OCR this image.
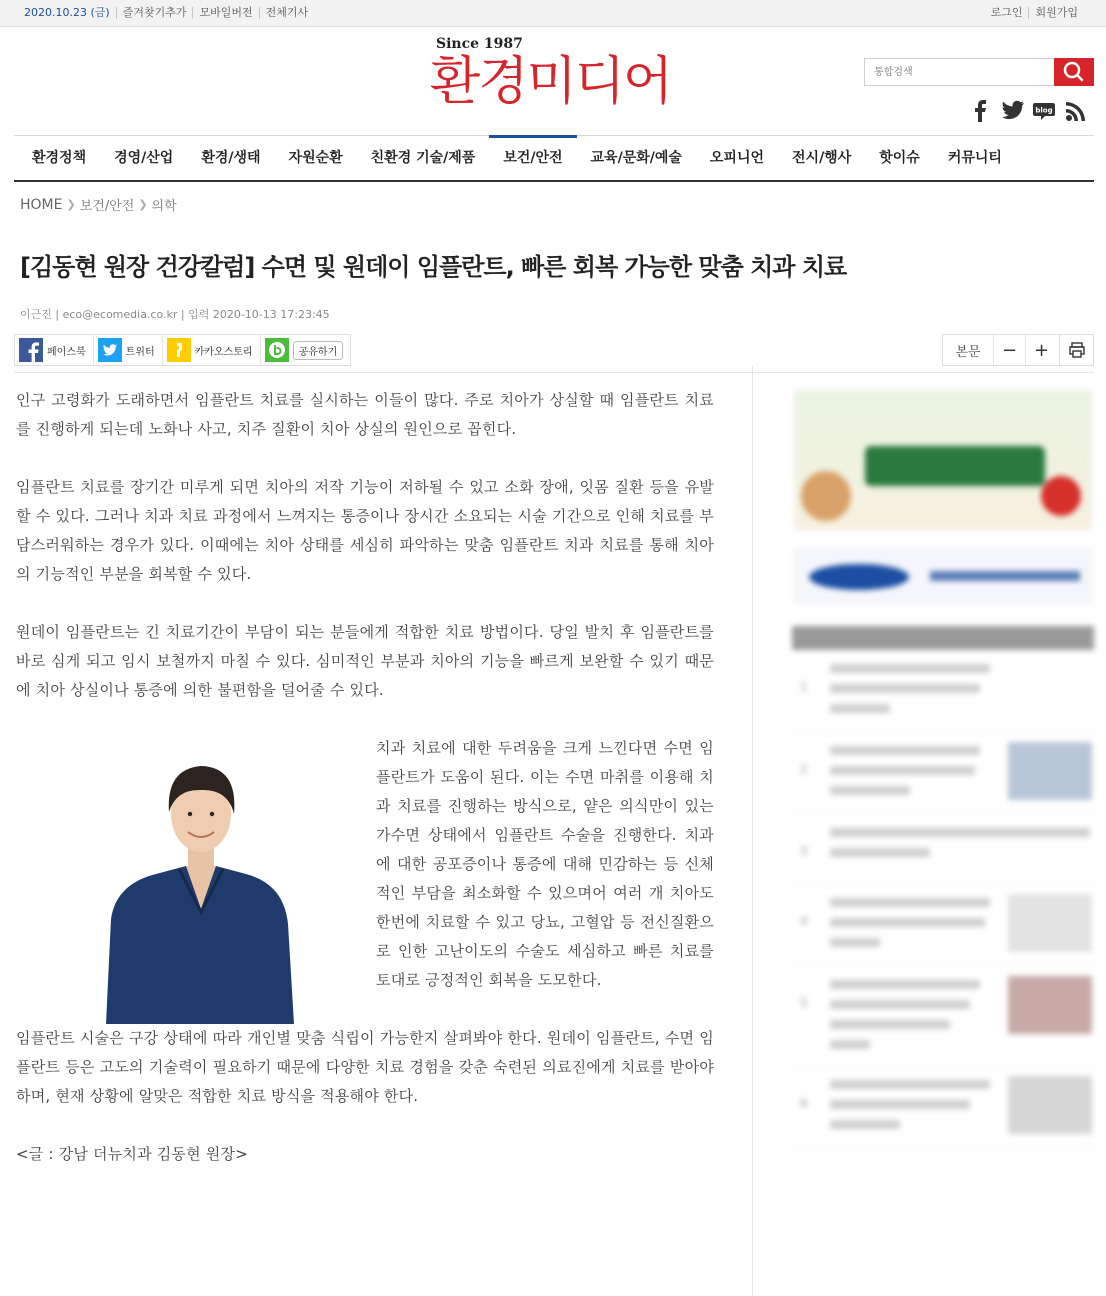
2020.10.23 (금)	즐겨찾기추가	모바일버전	전체기사	로그인	회원가입
Since 1987
환경미디어
통합검색	blog
환경정책	경영/산업	환경/생태	자원순환	친환경 기술/제품	보건/안전	교육/문화/예술	오피니언	전시/행사	핫이슈	커뮤니티
HOME ❯ 보건/안전 ❯ 의학
[김동현 원장 건강칼럼] 수면 및 원데이 임플란트, 빠른 회복 가능한 맞춤 치과 치료
이근진 | eco@ecomedia.co.kr | 입력 2020-10-13 17:23:45
페이스북	트위터	카카오스토리	공유하기	본문	− +

인구 고령화가 도래하면서 임플란트 치료를 실시하는 이들이 많다. 주로 치아가 상실할 때 임플란트 치료를 진행하게 되는데 노화나 사고, 치주 질환이 치아 상실의 원인으로 꼽힌다.

임플란트 치료를 장기간 미루게 되면 치아의 저작 기능이 저하될 수 있고 소화 장애, 잇몸 질환 등을 유발할 수 있다. 그러나 치과 치료 과정에서 느껴지는 통증이나 장시간 소요되는 시술 기간으로 인해 치료를 부담스러워하는 경우가 있다. 이때에는 치아 상태를 세심히 파악하는 맞춤 임플란트 치과 치료를 통해 치아의 기능적인 부분을 회복할 수 있다.

원데이 임플란트는 긴 치료기간이 부담이 되는 분들에게 적합한 치료 방법이다. 당일 발치 후 임플란트를 바로 심게 되고 임시 보철까지 마칠 수 있다. 심미적인 부분과 치아의 기능을 빠르게 보완할 수 있기 때문에 치아 상실이나 통증에 의한 불편함을 덜어줄 수 있다.

치과 치료에 대한 두려움을 크게 느낀다면 수면 임플란트가 도움이 된다. 이는 수면 마취를 이용해 치과 치료를 진행하는 방식으로, 얕은 의식만이 있는 가수면 상태에서 임플란트 수술을 진행한다. 치과에 대한 공포증이나 통증에 대해 민감하는 등 신체적인 부담을 최소화할 수 있으며어 여러 개 치아도 한번에 치료할 수 있고 당뇨, 고혈압 등 전신질환으로 인한 고난이도의 수술도 세심하고 빠른 치료를 토대로 긍정적인 회복을 도모한다.

임플란트 시술은 구강 상태에 따라 개인별 맞춤 식립이 가능한지 살펴봐야 한다. 원데이 임플란트, 수면 임플란트 등은 고도의 기술력이 필요하기 때문에 다양한 치료 경험을 갖춘 숙련된 의료진에게 치료를 받아야 하며, 현재 상황에 알맞은 적합한 치료 방식을 적용해야 한다.

<글 : 강남 더뉴치과 김동현 원장>

1
2
3
4
5
6
